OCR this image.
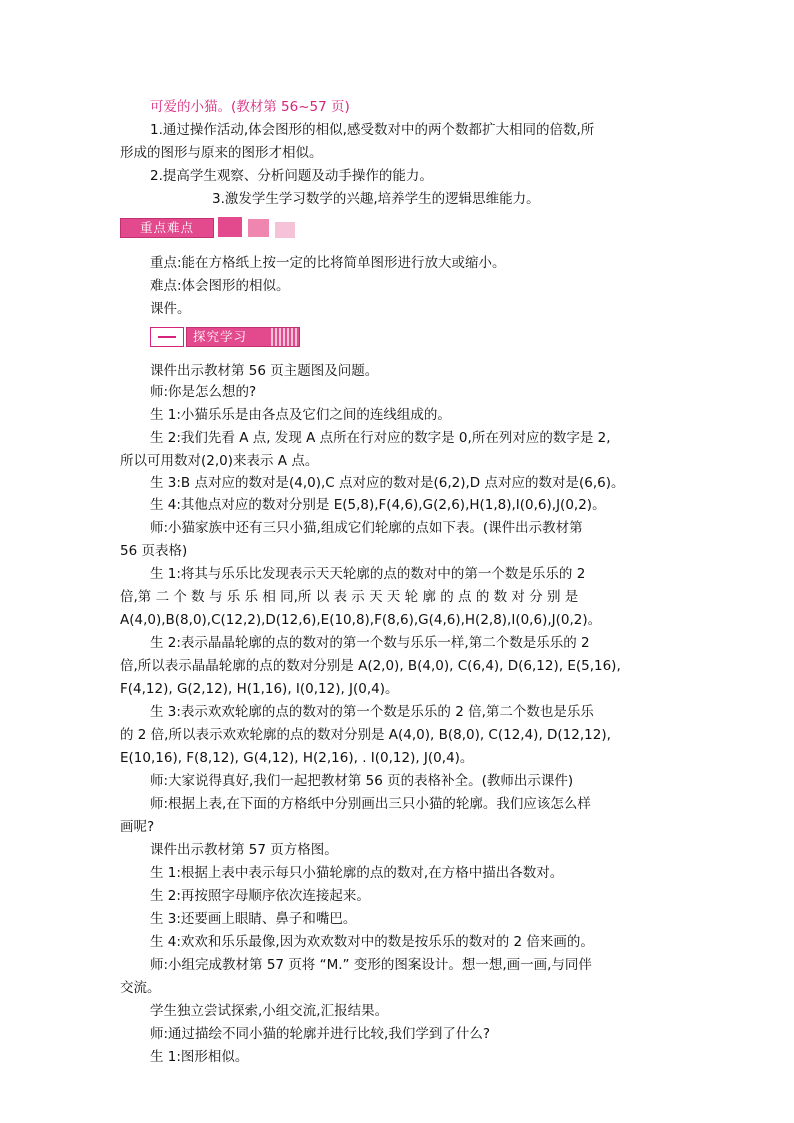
可爱的小猫。(教材第 56~57 页)
1.通过操作活动,体会图形的相似,感受数对中的两个数都扩大相同的倍数,所
形成的图形与原来的图形才相似。
2.提高学生观察、分析问题及动手操作的能力。
3.激发学生学习数学的兴趣,培养学生的逻辑思维能力。
重点难点
重点:能在方格纸上按一定的比将简单图形进行放大或缩小。
难点:体会图形的相似。
课件。
探究学习
课件出示教材第 56 页主题图及问题。
师:你是怎么想的?
生 1:小猫乐乐是由各点及它们之间的连线组成的。
生 2:我们先看 A 点, 发现 A 点所在行对应的数字是 0,所在列对应的数字是 2,
所以可用数对(2,0)来表示 A 点。
生 3:B 点对应的数对是(4,0),C 点对应的数对是(6,2),D 点对应的数对是(6,6)。
生 4:其他点对应的数对分别是 E(5,8),F(4,6),G(2,6),H(1,8),I(0,6),J(0,2)。
师:小猫家族中还有三只小猫,组成它们轮廓的点如下表。(课件出示教材第
56 页表格)
生 1:将其与乐乐比发现表示天天轮廓的点的数对中的第一个数是乐乐的 2
倍,第 二 个 数 与 乐 乐 相 同,所 以 表 示 天 天 轮 廓 的 点 的 数 对 分 别 是
A(4,0),B(8,0),C(12,2),D(12,6),E(10,8),F(8,6),G(4,6),H(2,8),I(0,6),J(0,2)。
生 2:表示晶晶轮廓的点的数对的第一个数与乐乐一样,第二个数是乐乐的 2
倍,所以表示晶晶轮廓的点的数对分别是 A(2,0), B(4,0), C(6,4), D(6,12), E(5,16),
F(4,12), G(2,12), H(1,16), I(0,12), J(0,4)。
生 3:表示欢欢轮廓的点的数对的第一个数是乐乐的 2 倍,第二个数也是乐乐
的 2 倍,所以表示欢欢轮廓的点的数对分别是 A(4,0), B(8,0), C(12,4), D(12,12),
E(10,16), F(8,12), G(4,12), H(2,16), . I(0,12), J(0,4)。
师:大家说得真好,我们一起把教材第 56 页的表格补全。(教师出示课件)
师:根据上表,在下面的方格纸中分别画出三只小猫的轮廓。我们应该怎么样
画呢?
课件出示教材第 57 页方格图。
生 1:根据上表中表示每只小猫轮廓的点的数对,在方格中描出各数对。
生 2:再按照字母顺序依次连接起来。
生 3:还要画上眼睛、鼻子和嘴巴。
生 4:欢欢和乐乐最像,因为欢欢数对中的数是按乐乐的数对的 2 倍来画的。
师:小组完成教材第 57 页将 “M.” 变形的图案设计。想一想,画一画,与同伴
交流。
学生独立尝试探索,小组交流,汇报结果。
师:通过描绘不同小猫的轮廓并进行比较,我们学到了什么?
生 1:图形相似。
